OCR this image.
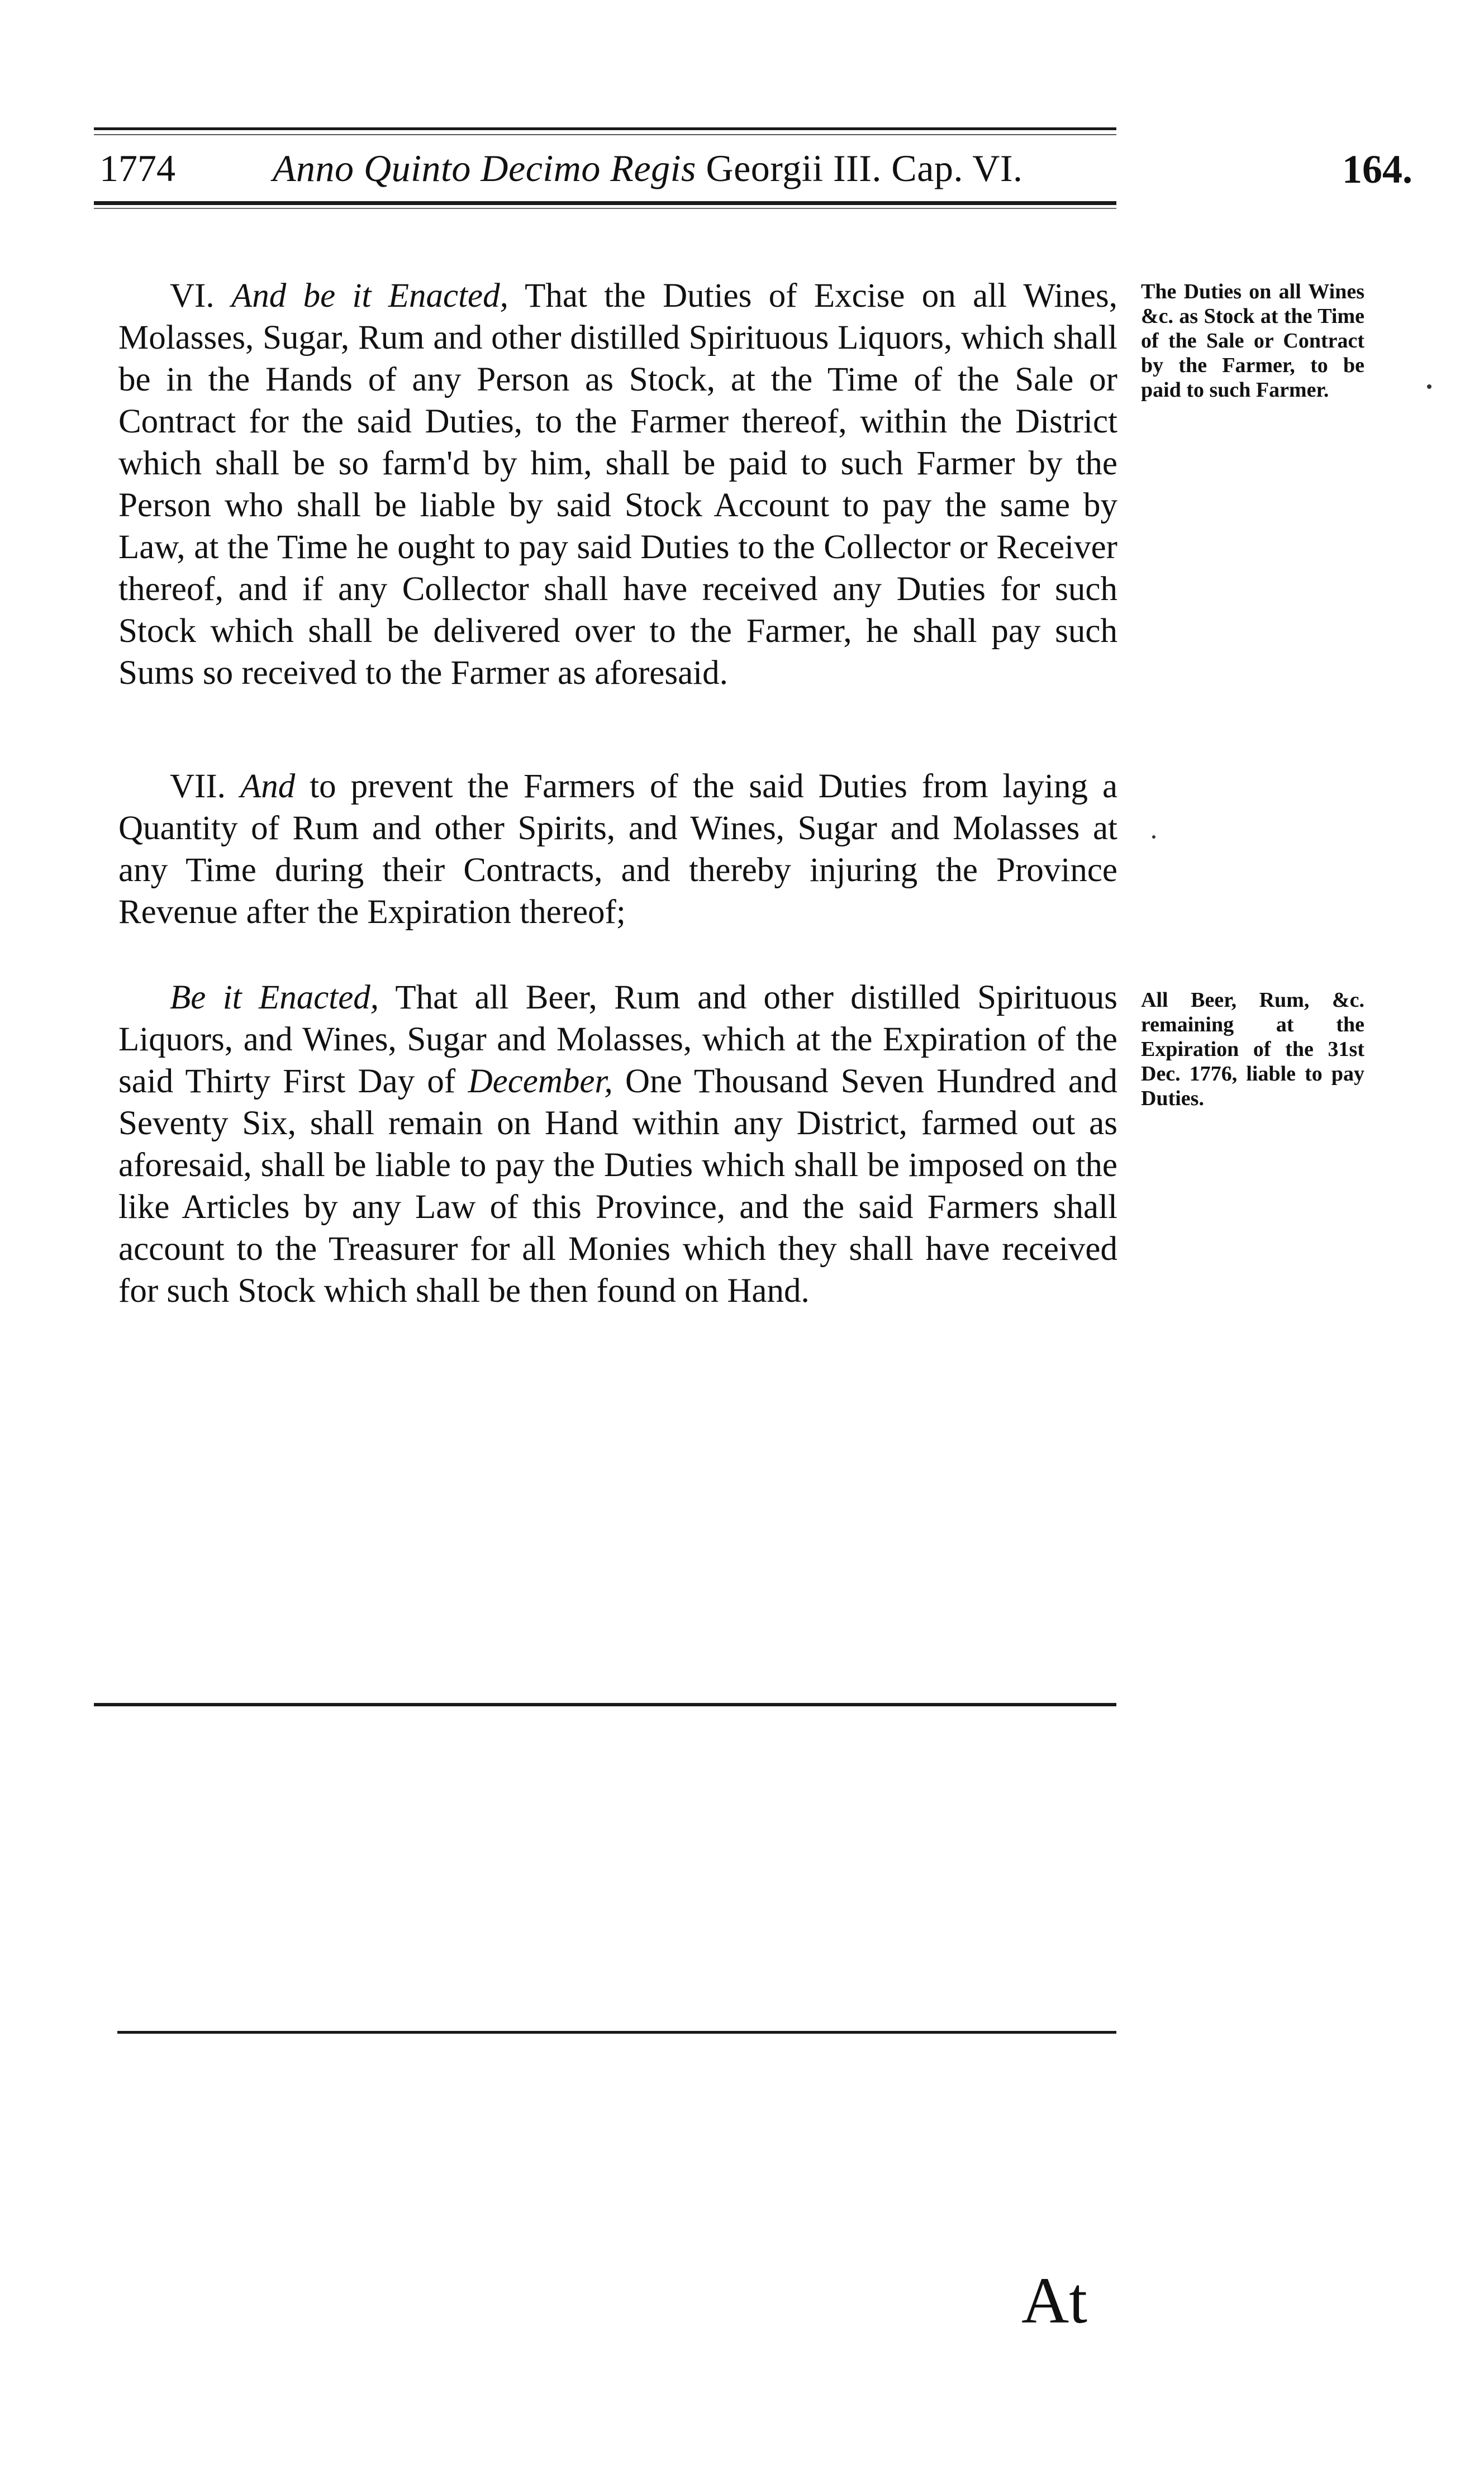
1774	Anno Quinto Decimo Regis Georgii III. Cap. VI.	164.

VI. And be it Enacted, That the Duties of Excise on all Wines, Molasses, Sugar, Rum and other distilled Spirituous Liquors, which shall be in the Hands of any Person as Stock, at the Time of the Sale or Contract for the said Duties, to the Farmer thereof, within the District which shall be so farm'd by him, shall be paid to such Farmer by the Person who shall be liable by said Stock Account to pay the same by Law, at the Time he ought to pay said Duties to the Collector or Receiver thereof, and if any Collector shall have received any Duties for such Stock which shall be delivered over to the Farmer, he shall pay such Sums so received to the Farmer as aforesaid.

The Duties on all Wines &c. as Stock at the Time of the Sale or Contract by the Farmer, to be paid to such Farmer.

VII. And to prevent the Farmers of the said Duties from laying a Quantity of Rum and other Spirits, and Wines, Sugar and Molasses at any Time during their Contracts, and thereby injuring the Province Revenue after the Expiration thereof;

Be it Enacted, That all Beer, Rum and other distilled Spirituous Liquors, and Wines, Sugar and Molasses, which at the Expiration of the said Thirty First Day of December, One Thousand Seven Hundred and Seventy Six, shall remain on Hand within any District, farmed out as aforesaid, shall be liable to pay the Duties which shall be imposed on the like Articles by any Law of this Province, and the said Farmers shall account to the Treasurer for all Monies which they shall have received for such Stock which shall be then found on Hand.

All Beer, Rum, &c. remaining at the Expiration of the 31st Dec. 1776, liable to pay Duties.
At
